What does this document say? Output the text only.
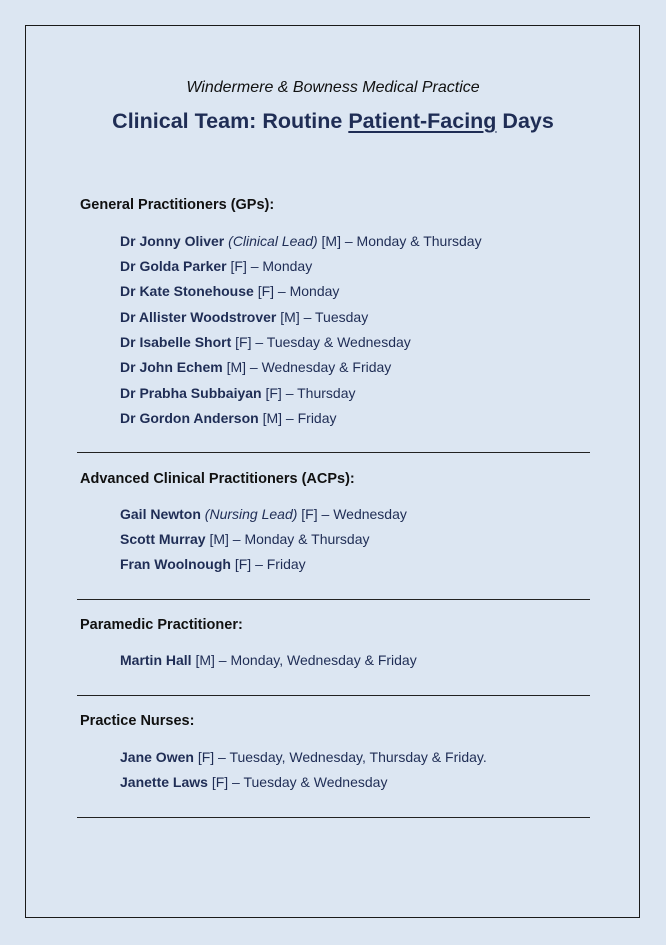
Windermere & Bowness Medical Practice

Clinical Team: Routine Patient-Facing Days
General Practitioners (GPs):

Dr Jonny Oliver (Clinical Lead) [M] – Monday & Thursday

Dr Golda Parker [F] – Monday

Dr Kate Stonehouse [F] – Monday

Dr Allister Woodstrover [M] – Tuesday

Dr Isabelle Short [F] – Tuesday & Wednesday

Dr John Echem [M] – Wednesday & Friday

Dr Prabha Subbaiyan [F] – Thursday

Dr Gordon Anderson [M] – Friday

Advanced Clinical Practitioners (ACPs):

Gail Newton (Nursing Lead) [F] – Wednesday

Scott Murray [M] – Monday & Thursday

Fran Woolnough [F] – Friday

Paramedic Practitioner:

Martin Hall [M] – Monday, Wednesday & Friday

Practice Nurses:

Jane Owen [F] – Tuesday, Wednesday, Thursday & Friday.

Janette Laws [F] – Tuesday & Wednesday
